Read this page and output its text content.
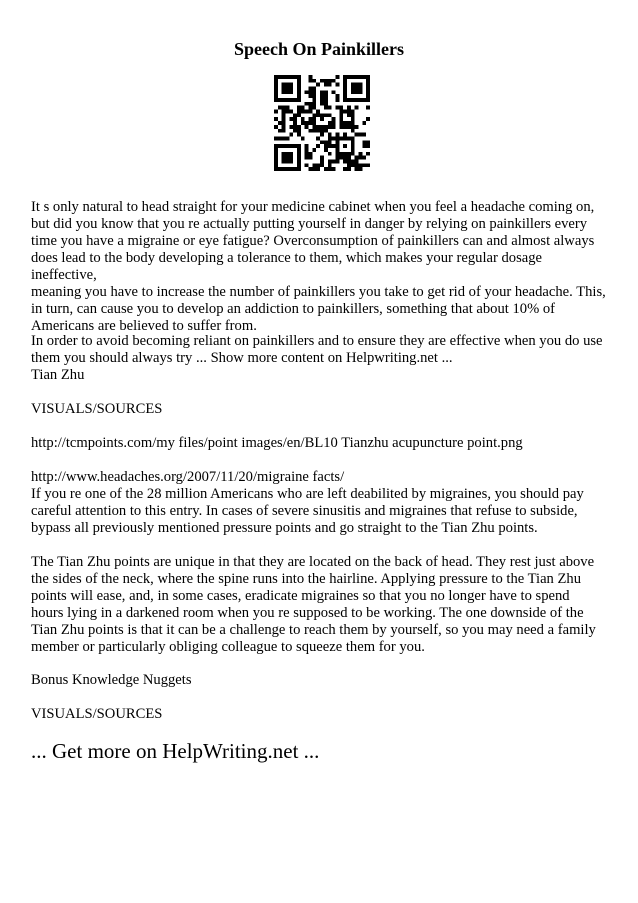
Speech On Painkillers
It s only natural to head straight for your medicine cabinet when you feel a headache coming on,
but did you know that you re actually putting yourself in danger by relying on painkillers every
time you have a migraine or eye fatigue? Overconsumption of painkillers can and almost always
does lead to the body developing a tolerance to them, which makes your regular dosage ineffective,
meaning you have to increase the number of painkillers you take to get rid of your headache. This,
in turn, can cause you to develop an addiction to painkillers, something that about 10% of
Americans are believed to suffer from.
In order to avoid becoming reliant on painkillers and to ensure they are effective when you do use
them you should always try ... Show more content on Helpwriting.net ...
Tian Zhu
VISUALS/SOURCES
http://tcmpoints.com/my files/point images/en/BL10 Tianzhu acupuncture point.png
http://www.headaches.org/2007/11/20/migraine facts/
If you re one of the 28 million Americans who are left deabilited by migraines, you should pay
careful attention to this entry. In cases of severe sinusitis and migraines that refuse to subside,
bypass all previously mentioned pressure points and go straight to the Tian Zhu points.
The Tian Zhu points are unique in that they are located on the back of head. They rest just above
the sides of the neck, where the spine runs into the hairline. Applying pressure to the Tian Zhu
points will ease, and, in some cases, eradicate migraines so that you no longer have to spend
hours lying in a darkened room when you re supposed to be working. The one downside of the
Tian Zhu points is that it can be a challenge to reach them by yourself, so you may need a family
member or particularly obliging colleague to squeeze them for you.
Bonus Knowledge Nuggets
VISUALS/SOURCES
... Get more on HelpWriting.net ...
